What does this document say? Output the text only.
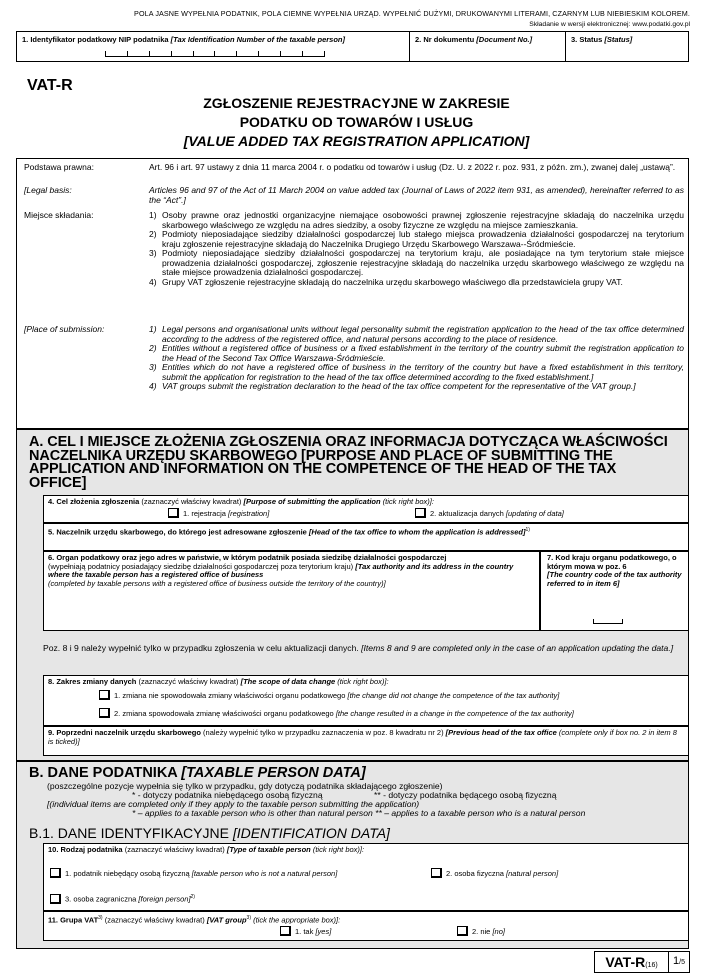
POLA JASNE WYPEŁNIA PODATNIK, POLA CIEMNE WYPEŁNIA URZĄD. WYPEŁNIĆ DUŻYMI, DRUKOWANYMI LITERAMI, CZARNYM LUB NIEBIESKIM KOLOREM.
Składanie w wersji elektronicznej: www.podatki.gov.pl
1. Identyfikator podatkowy NIP podatnika [Tax Identification Number of the taxable person]	2. Nr dokumentu [Document No.]	3. Status [Status]
VAT-R
ZGŁOSZENIE REJESTRACYJNE W ZAKRESIE
PODATKU OD TOWARÓW I USŁUG
[VALUE ADDED TAX REGISTRATION APPLICATION]
Podstawa prawna:	Art. 96 i art. 97 ustawy z dnia 11 marca 2004 r. o podatku od towarów i usług (Dz. U. z 2022 r. poz. 931, z późn. zm.), zwanej dalej „ustawą”.
[Legal basis:	Articles 96 and 97 of the Act of 11 March 2004 on value added tax (Journal of Laws of 2022 item 931, as amended), hereinafter referred to as the “Act”.]
Miejsce składania:	1) Osoby prawne oraz jednostki organizacyjne niemające osobowości prawnej zgłoszenie rejestracyjne składają do naczelnika urzędu skarbowego właściwego ze względu na adres siedziby, a osoby fizyczne ze względu na miejsce zamieszkania.
2) Podmioty nieposiadające siedziby działalności gospodarczej lub stałego miejsca prowadzenia działalności gospodarczej na terytorium kraju zgłoszenie rejestracyjne składają do Naczelnika Drugiego Urzędu Skarbowego Warszawa--Śródmieście.
3) Podmioty nieposiadające siedziby działalności gospodarczej na terytorium kraju, ale posiadające na tym terytorium stałe miejsce prowadzenia działalności gospodarczej, zgłoszenie rejestracyjne składają do naczelnika urzędu skarbowego właściwego ze względu na stałe miejsce prowadzenia działalności gospodarczej.
4) Grupy VAT zgłoszenie rejestracyjne składają do naczelnika urzędu skarbowego właściwego dla przedstawiciela grupy VAT.
[Place of submission:	1) Legal persons and organisational units without legal personality submit the registration application to the head of the tax office determined according to the address of the registered office, and natural persons according to the place of residence.
2) Entities without a registered office of business or a fixed establishment in the territory of the country submit the registration application to the Head of the Second Tax Office Warszawa-Śródmieście.
3) Entities which do not have a registered office of business in the territory of the country but have a fixed establishment in this territory, submit the application for registration to the head of the tax office determined according to the fixed establishment.]
4) VAT groups submit the registration declaration to the head of the tax office competent for the representative of the VAT group.]
A. CEL I MIEJSCE ZŁOŻENIA ZGŁOSZENIA ORAZ INFORMACJA DOTYCZĄCA WŁAŚCIWOŚCI NACZELNIKA URZĘDU SKARBOWEGO [PURPOSE AND PLACE OF SUBMITTING THE APPLICATION AND INFORMATION ON THE COMPETENCE OF THE HEAD OF THE TAX OFFICE]
4. Cel złożenia zgłoszenia (zaznaczyć właściwy kwadrat) [Purpose of submitting the application (tick right box)]:
1. rejestracja [registration]	2. aktualizacja danych [updating of data]
5. Naczelnik urzędu skarbowego, do którego jest adresowane zgłoszenie [Head of the tax office to whom the application is addressed]$^{1)}$
6. Organ podatkowy oraz jego adres w państwie, w którym podatnik posiada siedzibę działalności gospodarczej
(wypełniają podatnicy posiadający siedzibę działalności gospodarczej poza terytorium kraju) [Tax authority and its address in the country where the taxable person has a registered office of business
(completed by taxable persons with a registered office of business outside the territory of the country)]
7. Kod kraju organu podatkowego, o którym mowa w poz. 6
[The country code of the tax authority referred to in item 6]
Poz. 8 i 9 należy wypełnić tylko w przypadku zgłoszenia w celu aktualizacji danych. [Items 8 and 9 are completed only in the case of an application updating the data.]
8. Zakres zmiany danych (zaznaczyć właściwy kwadrat) [The scope of data change (tick right box)]:
1. zmiana nie spowodowała zmiany właściwości organu podatkowego [the change did not change the competence of the tax authority]
2. zmiana spowodowała zmianę właściwości organu podatkowego [the change resulted in a change in the competence of the tax authority]
9. Poprzedni naczelnik urzędu skarbowego (należy wypełnić tylko w przypadku zaznaczenia w poz. 8 kwadratu nr 2) [Previous head of the tax office (complete only if box no. 2 in item 8 is ticked)]
B. DANE PODATNIKA [TAXABLE PERSON DATA]
(poszczególne pozycje wypełnia się tylko w przypadku, gdy dotyczą podatnika składającego zgłoszenie)
* - dotyczy podatnika niebędącego osobą fizyczną	** - dotyczy podatnika będącego osobą fizyczną
[(individual items are completed only if they apply to the taxable person submitting the application)
* – applies to a taxable person who is other than natural person ** – applies to a taxable person who is a natural person
B.1. DANE IDENTYFIKACYJNE [IDENTIFICATION DATA]
10. Rodzaj podatnika (zaznaczyć właściwy kwadrat) [Type of taxable person (tick right box)]:
1. podatnik niebędący osobą fizyczną [taxable person who is not a natural person]	2. osoba fizyczna [natural person]
3. osoba zagraniczna [foreign person]$^{2)}$
11. Grupa VAT$^{3)}$ (zaznaczyć właściwy kwadrat) [VAT group$^{3)}$ (tick the appropriate box)]:
1. tak [yes]	2. nie [no]
VAT-R(16)	1/5
